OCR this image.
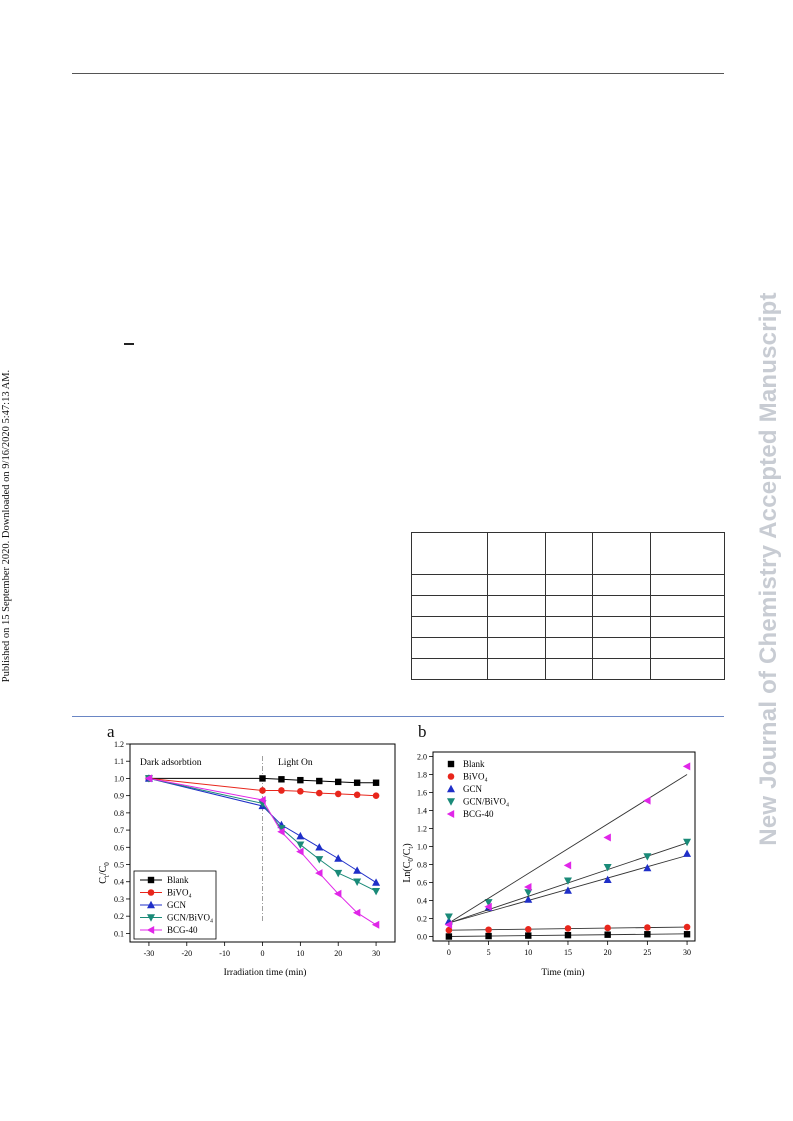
Published on 15 September 2020. Downloaded on 9/16/2020 5:47:13 AM.	New Journal of Chemistry Accepted Manuscript

a	b
-30	-20	-10	0	10	20	30
0.1
0.2
0.3
0.4
0.5
0.6
0.7
0.8
0.9
1.0
1.1
1.2
Blank
BiVO₄
GCN
GCN/BiVO₄
BCG-40
Dark adsorbtion	Light On
Irradiation time (min)
$C_t/C_0$
0	5	10	15	20	25	30
0.0
0.2
0.4
0.6
0.8
1.0
1.2
1.4
1.6
1.8
2.0
Blank
BiVO₄
GCN
GCN/BiVO₄
BCG-40
Time (min)
$Ln(C_0/C_t)$
